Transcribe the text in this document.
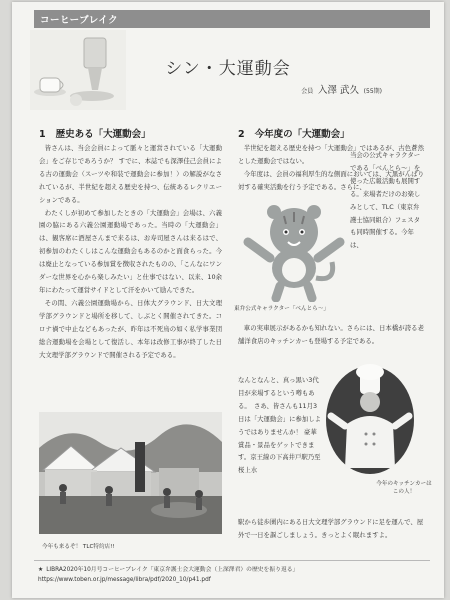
コーヒーブレイク
シン・大運動会
会員 入澤 武久 (55期)
1 歴史ある「大運動会」

皆さんは、当会会員によって脈々と運営されている「大運動会」をご存じであろうか？ すでに、本誌でも深澤佳己会員による古の運動会（スーツや和装で運動会に参加！）の解説がなされているが、半世紀を超える歴史を持つ、伝統あるレクリエーションである。

わたくしが初めて参加したときの「大運動会」会場は、六義園の脇にある六義公園運動場であった。当時の「大運動会」は、観客席に酒屋さんまで来るは、お寿司屋さんは来るはで、初参加のわたくしはこんな運動会もあるのかと面食らった。今は廃止となっている参加賞を徴収されたものの、「こんなにワンダーな世界を心から楽しみたい」と仕事ではない、以来、10余年にわたって運営サイドとして汗をかいて励んできた。

その間、六義公園運動場から、日体大グラウンド、日大文理学部グラウンドと場所を移して、しぶとく開催されてきた。コロナ禍で中止などもあったが、昨年は不死鳥の如く私学事業団総合運動場を会場として復活し、本年は改修工事が終了した日大文理学部グラウンドで開催される予定である。

今年も来るぞ！ TLC特約店!!
2 今年度の「大運動会」

半世紀を超える歴史を持つ「大運動会」ではあるが、古色蒼然とした運動会ではない。

今年度は、会員の福利厚生的な側面においては、大黒がんばり対する確実活動を行う予定である。さらに、

東弁公式キャラクター「べんとら～」
当会の公式キャラクターである「べんとら～」を使った広報活動も展開する。来場者だけのお楽しみとして、TLC（東京弁護士協同組合）フェスタも同時開催する。今年は、

車の実車展示があるかも知れない。さらには、日本橋が誇る老舗洋食店のキッチンカーも登場する予定である。

なんとなんと、真っ黒い3代目が来場するという噂もある。　さあ、皆さんも11月3日は「大運動会」に参加しようではありませんか！ 豪華賞品・景品をゲットできます。京王線の下高井戸駅乃至桜上水
今年のキッチンカーは
この人！
駅から徒歩圏内にある日大文理学部グラウンドに足を運んで、屋外で一日を謳ごしましょう。きっとよく眠れますよ。
★ LIBRA2020年10月号コーヒーブレイク「東京弁護士会大運動会（上深澤君）の歴史を振り返る」
https://www.toben.or.jp/message/libra/pdf/2020_10/p41.pdf
